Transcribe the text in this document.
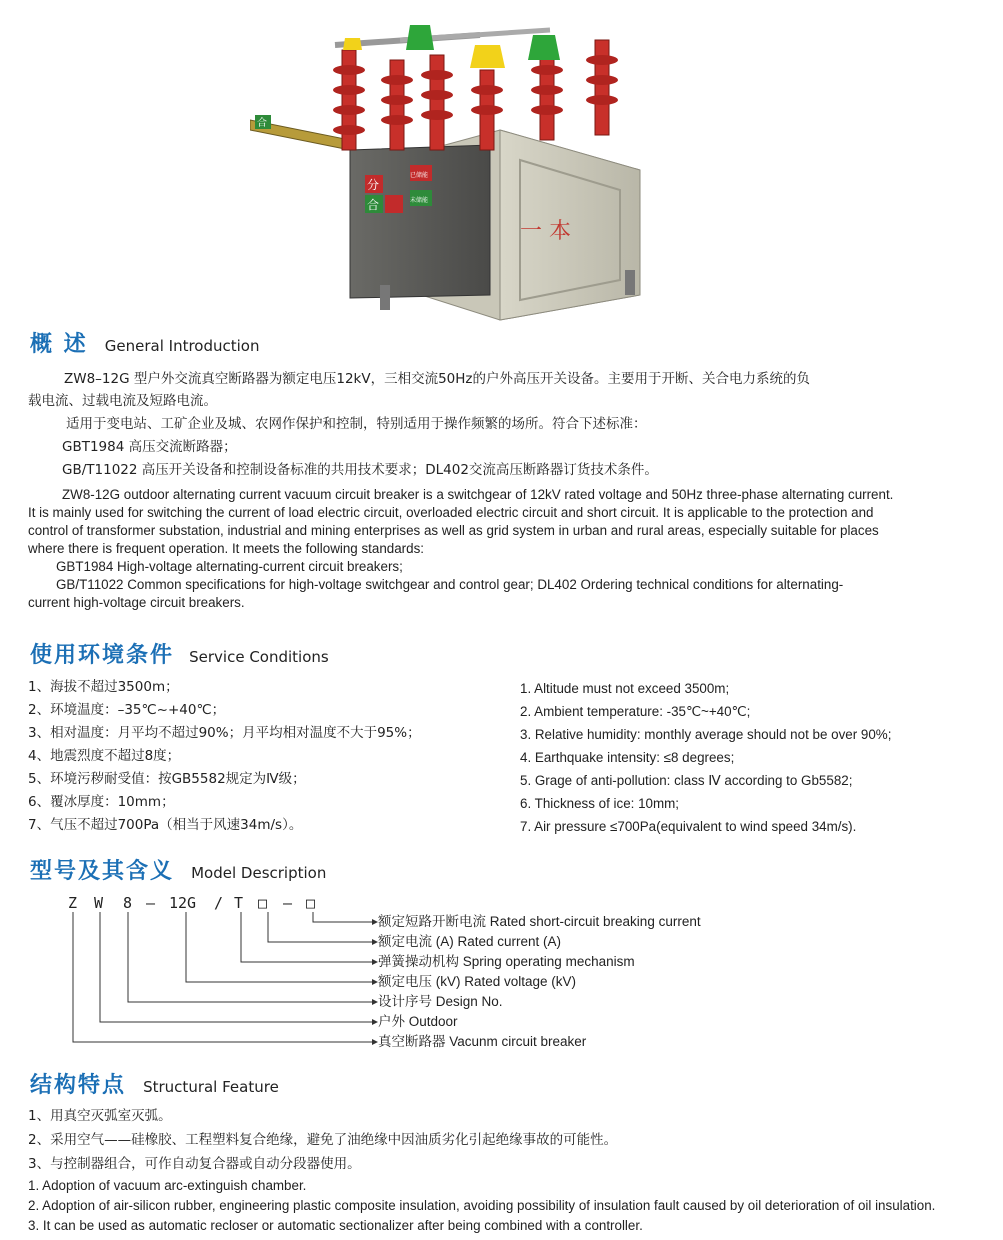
一 本
分
合
已储能
未储能
合
概 述 General Introduction
ZW8–12G 型户外交流真空断路器为额定电压12kV，三相交流50Hz的户外高压开关设备。主要用于开断、关合电力系统的负
载电流、过载电流及短路电流。
适用于变电站、工矿企业及城、农网作保护和控制，特别适用于操作频繁的场所。符合下述标准：
GBT1984 高压交流断路器；
GB/T11022 高压开关设备和控制设备标准的共用技术要求；DL402交流高压断路器订货技术条件。
ZW8-12G outdoor alternating current vacuum circuit breaker is a switchgear of 12kV rated voltage and 50Hz three-phase alternating current.
It is mainly used for switching the current of load electric circuit, overloaded electric circuit and short circuit. It is applicable to the protection and
control of transformer substation, industrial and mining enterprises as well as grid system in urban and rural areas, especially suitable for places
where there is frequent operation. It meets the following standards:
GBT1984 High-voltage alternating-current circuit breakers;
GB/T11022 Common specifications for high-voltage switchgear and control gear; DL402 Ordering technical conditions for alternating-
current high-voltage circuit breakers.
使用环境条件 Service Conditions
1、海拔不超过3500m；
2、环境温度：–35℃~+40℃；
3、相对温度：月平均不超过90%；月平均相对温度不大于95%；
4、地震烈度不超过8度；
5、环境污秽耐受值：按GB5582规定为Ⅳ级；
6、覆冰厚度：10mm；
7、气压不超过700Pa（相当于风速34m/s）。
1. Altitude must not exceed 3500m;
2. Ambient temperature: -35℃~+40℃;
3. Relative humidity: monthly average should not be over 90%;
4. Earthquake intensity: ≤8 degrees;
5. Grage of anti-pollution: class Ⅳ according to Gb5582;
6. Thickness of ice: 10mm;
7. Air pressure ≤700Pa(equivalent to wind speed 34m/s).
型号及其含义 Model Description
Z W 8 – 12G / T □ – □
额定短路开断电流 Rated short-circuit breaking current
额定电流 (A) Rated current (A)
弹簧操动机构 Spring operating mechanism
额定电压 (kV) Rated voltage (kV)
设计序号 Design No.
户外 Outdoor
真空断路器 Vacunm circuit breaker
结构特点 Structural Feature
1、用真空灭弧室灭弧。
2、采用空气——硅橡胶、工程塑料复合绝缘，避免了油绝缘中因油质劣化引起绝缘事故的可能性。
3、与控制器组合，可作自动复合器或自动分段器使用。
1. Adoption of vacuum arc-extinguish chamber.
2. Adoption of air-silicon rubber, engineering plastic composite insulation, avoiding possibility of insulation fault caused by oil deterioration of oil insulation.
3. It can be used as automatic recloser or automatic sectionalizer after being combined with a controller.
